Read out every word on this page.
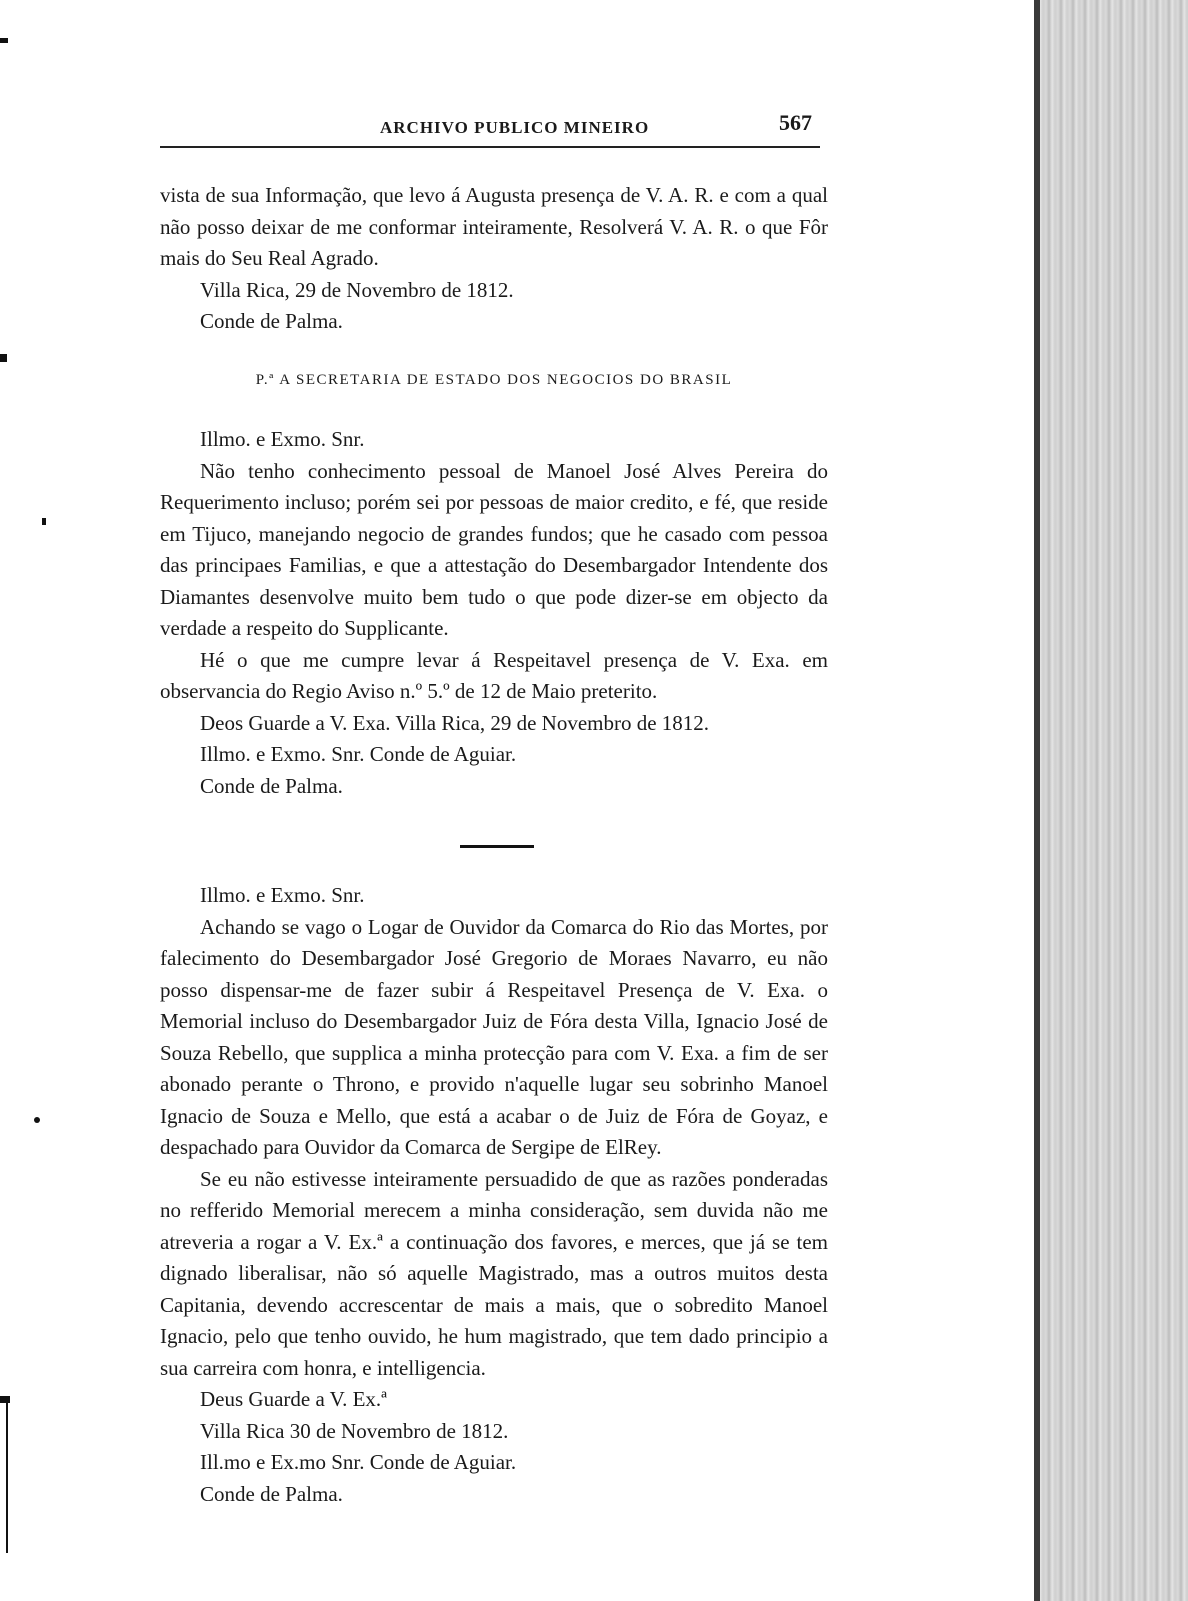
ARCHIVO PUBLICO MINEIRO	567

vista de sua Informação, que levo á Augusta presença de V. A. R. e com a qual não posso deixar de me conformar inteiramente, Resolverá V. A. R. o que Fôr mais do Seu Real Agrado.

Villa Rica, 29 de Novembro de 1812.

Conde de Palma.

P.ª A SECRETARIA DE ESTADO DOS NEGOCIOS DO BRASIL

Illmo. e Exmo. Snr.

Não tenho conhecimento pessoal de Manoel José Alves Pereira do Requerimento incluso; porém sei por pessoas de maior credito, e fé, que reside em Tijuco, manejando negocio de grandes fundos; que he casado com pessoa das principaes Familias, e que a attestação do Desembargador Intendente dos Diamantes desenvolve muito bem tudo o que pode dizer-se em objecto da verdade a respeito do Supplicante.

Hé o que me cumpre levar á Respeitavel presença de V. Exa. em observancia do Regio Aviso n.º 5.º de 12 de Maio preterito.

Deos Guarde a V. Exa. Villa Rica, 29 de Novembro de 1812.

Illmo. e Exmo. Snr. Conde de Aguiar.

Conde de Palma.

Illmo. e Exmo. Snr.

Achando se vago o Logar de Ouvidor da Comarca do Rio das Mortes, por falecimento do Desembargador José Gregorio de Moraes Navarro, eu não posso dispensar-me de fazer subir á Respeitavel Presença de V. Exa. o Memorial incluso do Desembargador Juiz de Fóra desta Villa, Ignacio José de Souza Rebello, que supplica a minha protecção para com V. Exa. a fim de ser abonado perante o Throno, e provido n'aquelle lugar seu sobrinho Manoel Ignacio de Souza e Mello, que está a acabar o de Juiz de Fóra de Goyaz, e despachado para Ouvidor da Comarca de Sergipe de ElRey.

Se eu não estivesse inteiramente persuadido de que as razões ponderadas no refferido Memorial merecem a minha consideração, sem duvida não me atreveria a rogar a V. Ex.ª a continuação dos favores, e merces, que já se tem dignado liberalisar, não só aquelle Magistrado, mas a outros muitos desta Capitania, devendo accrescentar de mais a mais, que o sobredito Manoel Ignacio, pelo que tenho ouvido, he hum magistrado, que tem dado principio a sua carreira com honra, e intelligencia.

Deus Guarde a V. Ex.ª

Villa Rica 30 de Novembro de 1812.

Ill.mo e Ex.mo Snr. Conde de Aguiar.

Conde de Palma.
